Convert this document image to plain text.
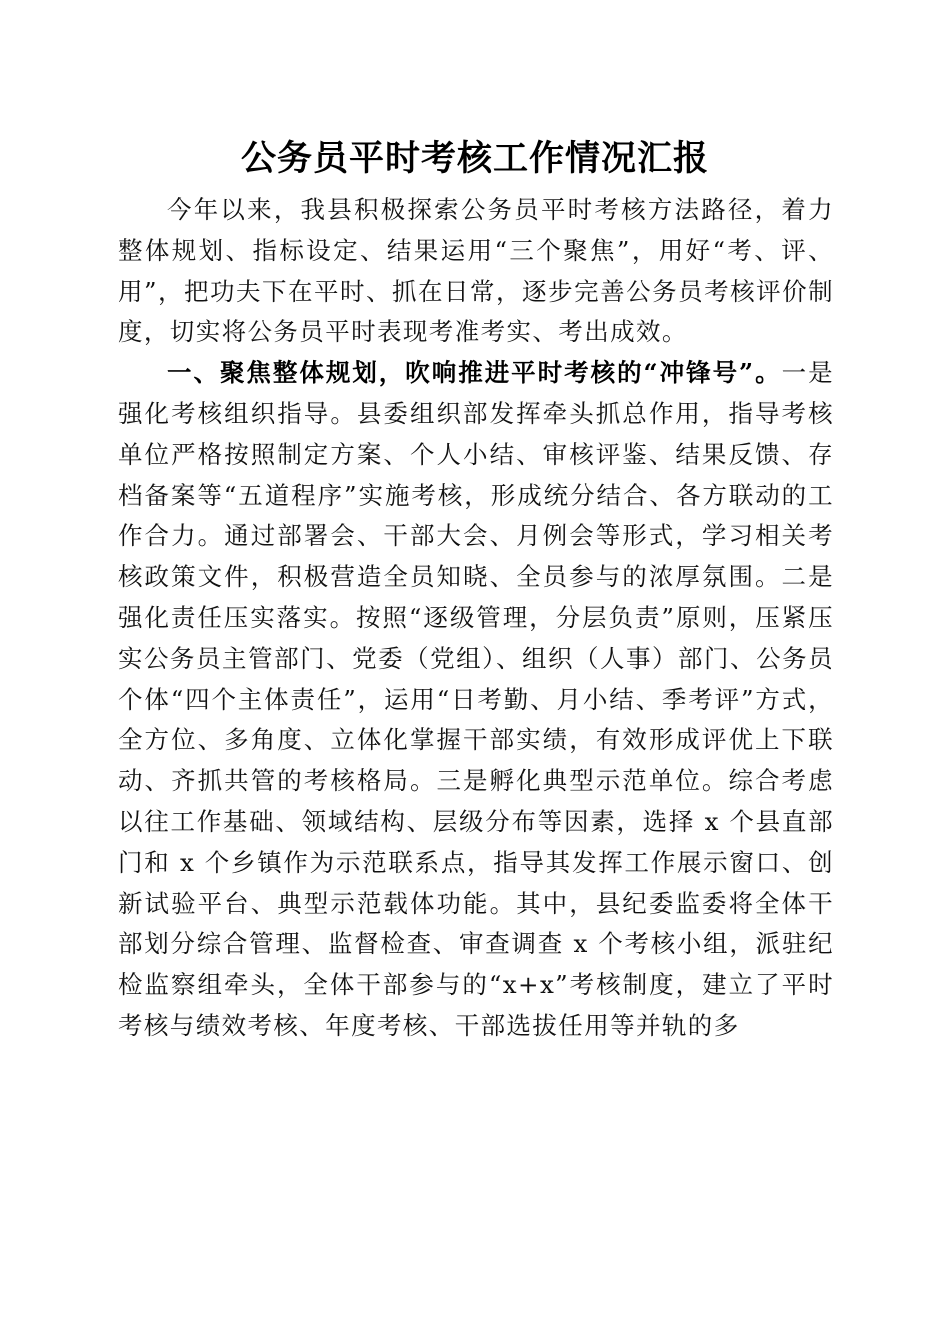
公务员平时考核工作情况汇报

今年以来，我县积极探索公务员平时考核方法路径，着力整体规划、指标设定、结果运用“三个聚焦”，用好“考、评、用”，把功夫下在平时、抓在日常，逐步完善公务员考核评价制度，切实将公务员平时表现考准考实、考出成效。

一、聚焦整体规划，吹响推进平时考核的“冲锋号”。一是强化考核组织指导。县委组织部发挥牵头抓总作用，指导考核单位严格按照制定方案、个人小结、审核评鉴、结果反馈、存档备案等“五道程序”实施考核，形成统分结合、各方联动的工作合力。通过部署会、干部大会、月例会等形式，学习相关考核政策文件，积极营造全员知晓、全员参与的浓厚氛围。二是强化责任压实落实。按照“逐级管理，分层负责”原则，压紧压实公务员主管部门、党委（党组）、组织（人事）部门、公务员个体“四个主体责任”，运用“日考勤、月小结、季考评”方式，全方位、多角度、立体化掌握干部实绩，有效形成评优上下联动、齐抓共管的考核格局。三是孵化典型示范单位。综合考虑以往工作基础、领域结构、层级分布等因素，选择 x 个县直部门和 x 个乡镇作为示范联系点，指导其发挥工作展示窗口、创新试验平台、典型示范载体功能。其中，县纪委监委将全体干部划分综合管理、监督检查、审查调查 x 个考核小组，派驻纪检监察组牵头，全体干部参与的“x+x”考核制度，建立了平时考核与绩效考核、年度考核、干部选拔任用等并轨的多
